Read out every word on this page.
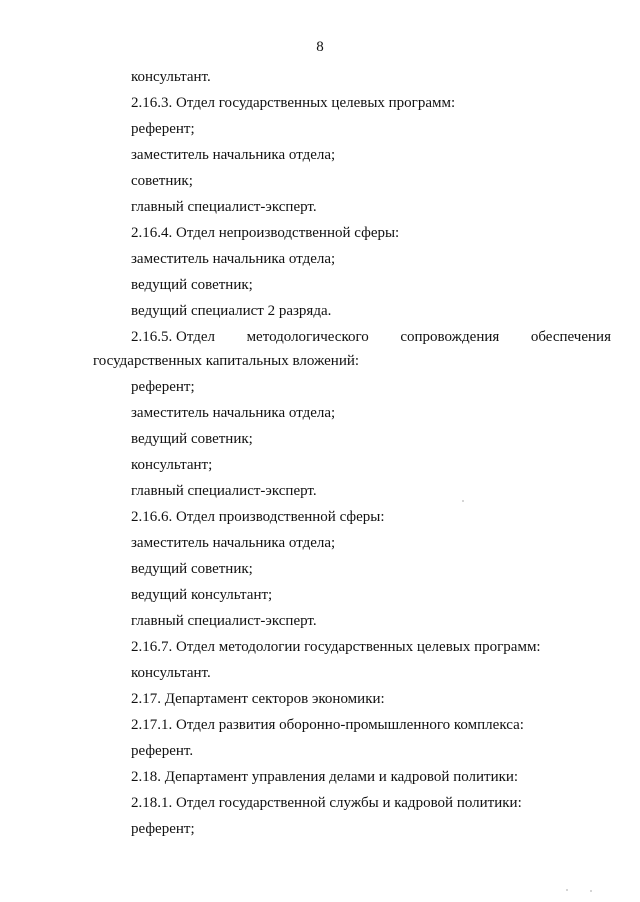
8
консультант.
2.16.3. Отдел государственных целевых программ:
референт;
заместитель начальника отдела;
советник;
главный специалист-эксперт.
2.16.4. Отдел непроизводственной сферы:
заместитель начальника отдела;
ведущий советник;
ведущий специалист 2 разряда.
2.16.5. Отдел методологического сопровождения обеспечения
государственных капитальных вложений:
референт;
заместитель начальника отдела;
ведущий советник;
консультант;
главный специалист-эксперт.
2.16.6. Отдел производственной сферы:
заместитель начальника отдела;
ведущий советник;
ведущий консультант;
главный специалист-эксперт.
2.16.7. Отдел методологии государственных целевых программ:
консультант.
2.17. Департамент секторов экономики:
2.17.1. Отдел развития оборонно-промышленного комплекса:
референт.
2.18. Департамент управления делами и кадровой политики:
2.18.1. Отдел государственной службы и кадровой политики:
референт;
